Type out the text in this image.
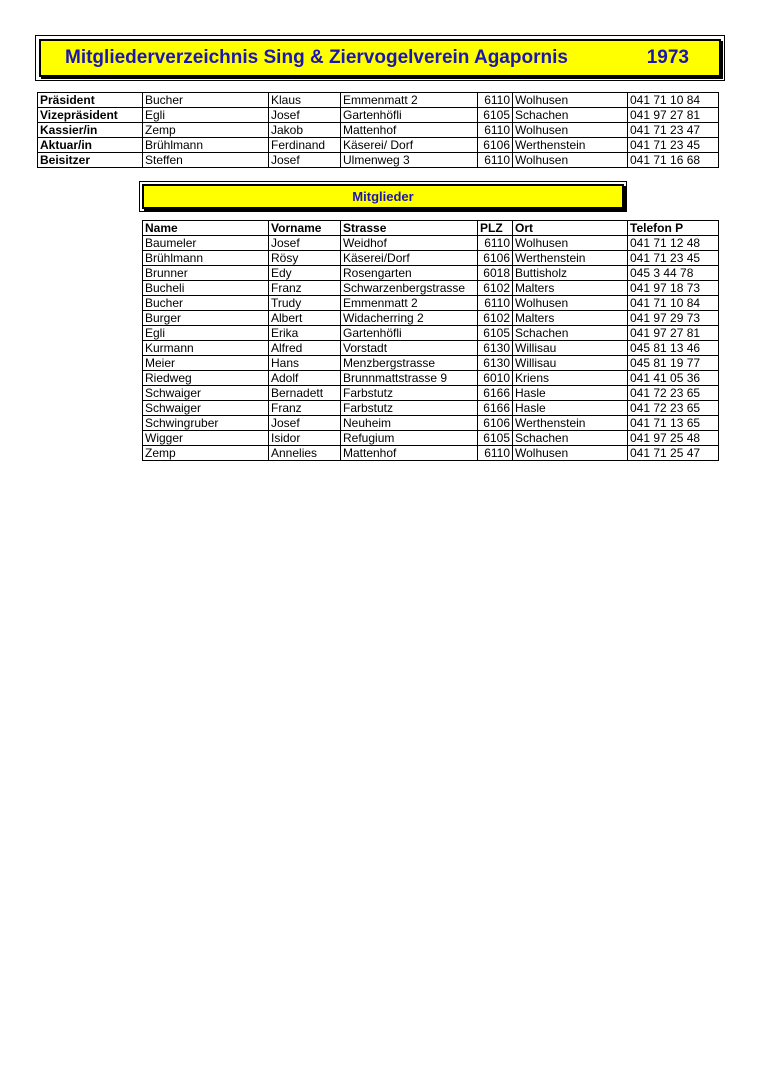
Mitgliederverzeichnis Sing & Ziervogelverein Agapornis	1973
Präsident	Bucher	Klaus	Emmenmatt 2	6110	Wolhusen	041 71 10 84
Vizepräsident	Egli	Josef	Gartenhöfli	6105	Schachen	041 97 27 81
Kassier/in	Zemp	Jakob	Mattenhof	6110	Wolhusen	041 71 23 47
Aktuar/in	Brühlmann	Ferdinand	Käserei/ Dorf	6106	Werthenstein	041 71 23 45
Beisitzer	Steffen	Josef	Ulmenweg 3	6110	Wolhusen	041 71 16 68
Mitglieder
Name	Vorname	Strasse	PLZ	Ort	Telefon P
Baumeler	Josef	Weidhof	6110	Wolhusen	041 71 12 48
Brühlmann	Rösy	Käserei/Dorf	6106	Werthenstein	041 71 23 45
Brunner	Edy	Rosengarten	6018	Buttisholz	045 3 44 78
Bucheli	Franz	Schwarzenbergstrasse	6102	Malters	041 97 18 73
Bucher	Trudy	Emmenmatt 2	6110	Wolhusen	041 71 10 84
Burger	Albert	Widacherring 2	6102	Malters	041 97 29 73
Egli	Erika	Gartenhöfli	6105	Schachen	041 97 27 81
Kurmann	Alfred	Vorstadt	6130	Willisau	045 81 13 46
Meier	Hans	Menzbergstrasse	6130	Willisau	045 81 19 77
Riedweg	Adolf	Brunnmattstrasse 9	6010	Kriens	041 41 05 36
Schwaiger	Bernadett	Farbstutz	6166	Hasle	041 72 23 65
Schwaiger	Franz	Farbstutz	6166	Hasle	041 72 23 65
Schwingruber	Josef	Neuheim	6106	Werthenstein	041 71 13 65
Wigger	Isidor	Refugium	6105	Schachen	041 97 25 48
Zemp	Annelies	Mattenhof	6110	Wolhusen	041 71 25 47
